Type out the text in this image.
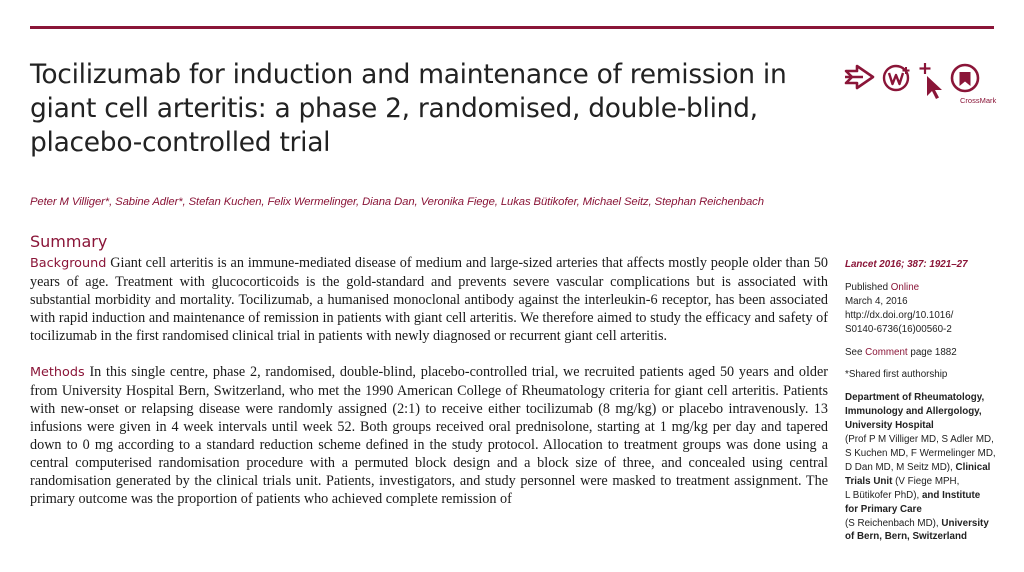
Tocilizumab for induction and maintenance of remission in giant cell arteritis: a phase 2, randomised, double-blind, placebo-controlled trial
CrossMark

Peter M Villiger*, Sabine Adler*, Stefan Kuchen, Felix Wermelinger, Diana Dan, Veronika Fiege, Lukas Bütikofer, Michael Seitz, Stephan Reichenbach

Summary

Background Giant cell arteritis is an immune-mediated disease of medium and large-sized arteries that affects mostly people older than 50 years of age. Treatment with glucocorticoids is the gold-standard and prevents severe vascular complications but is associated with substantial morbidity and mortality. Tocilizumab, a humanised monoclonal antibody against the interleukin-6 receptor, has been associated with rapid induction and maintenance of remission in patients with giant cell arteritis. We therefore aimed to study the efficacy and safety of tocilizumab in the first randomised clinical trial in patients with newly diagnosed or recurrent giant cell arteritis.

Methods In this single centre, phase 2, randomised, double-blind, placebo-controlled trial, we recruited patients aged 50 years and older from University Hospital Bern, Switzerland, who met the 1990 American College of Rheumatology criteria for giant cell arteritis. Patients with new-onset or relapsing disease were randomly assigned (2:1) to receive either tocilizumab (8 mg/kg) or placebo intravenously. 13 infusions were given in 4 week intervals until week 52. Both groups received oral prednisolone, starting at 1 mg/kg per day and tapered down to 0 mg according to a standard reduction scheme defined in the study protocol. Allocation to treatment groups was done using a central computerised randomisation procedure with a permuted block design and a block size of three, and concealed using central randomisation generated by the clinical trials unit. Patients, investigators, and study personnel were masked to treatment assignment. The primary outcome was the proportion of patients who achieved complete remission of

Lancet 2016; 387: 1921–27

Published Online
March 4, 2016
http://dx.doi.org/10.1016/
S0140-6736(16)00560-2

See Comment page 1882

*Shared first authorship

Department of Rheumatology,
Immunology and Allergology,
University Hospital
(Prof P M Villiger MD, S Adler MD,
S Kuchen MD, F Wermelinger MD,
D Dan MD, M Seitz MD), Clinical
Trials Unit (V Fiege MPH,
L Bütikofer PhD), and Institute
for Primary Care
(S Reichenbach MD), University
of Bern, Bern, Switzerland
